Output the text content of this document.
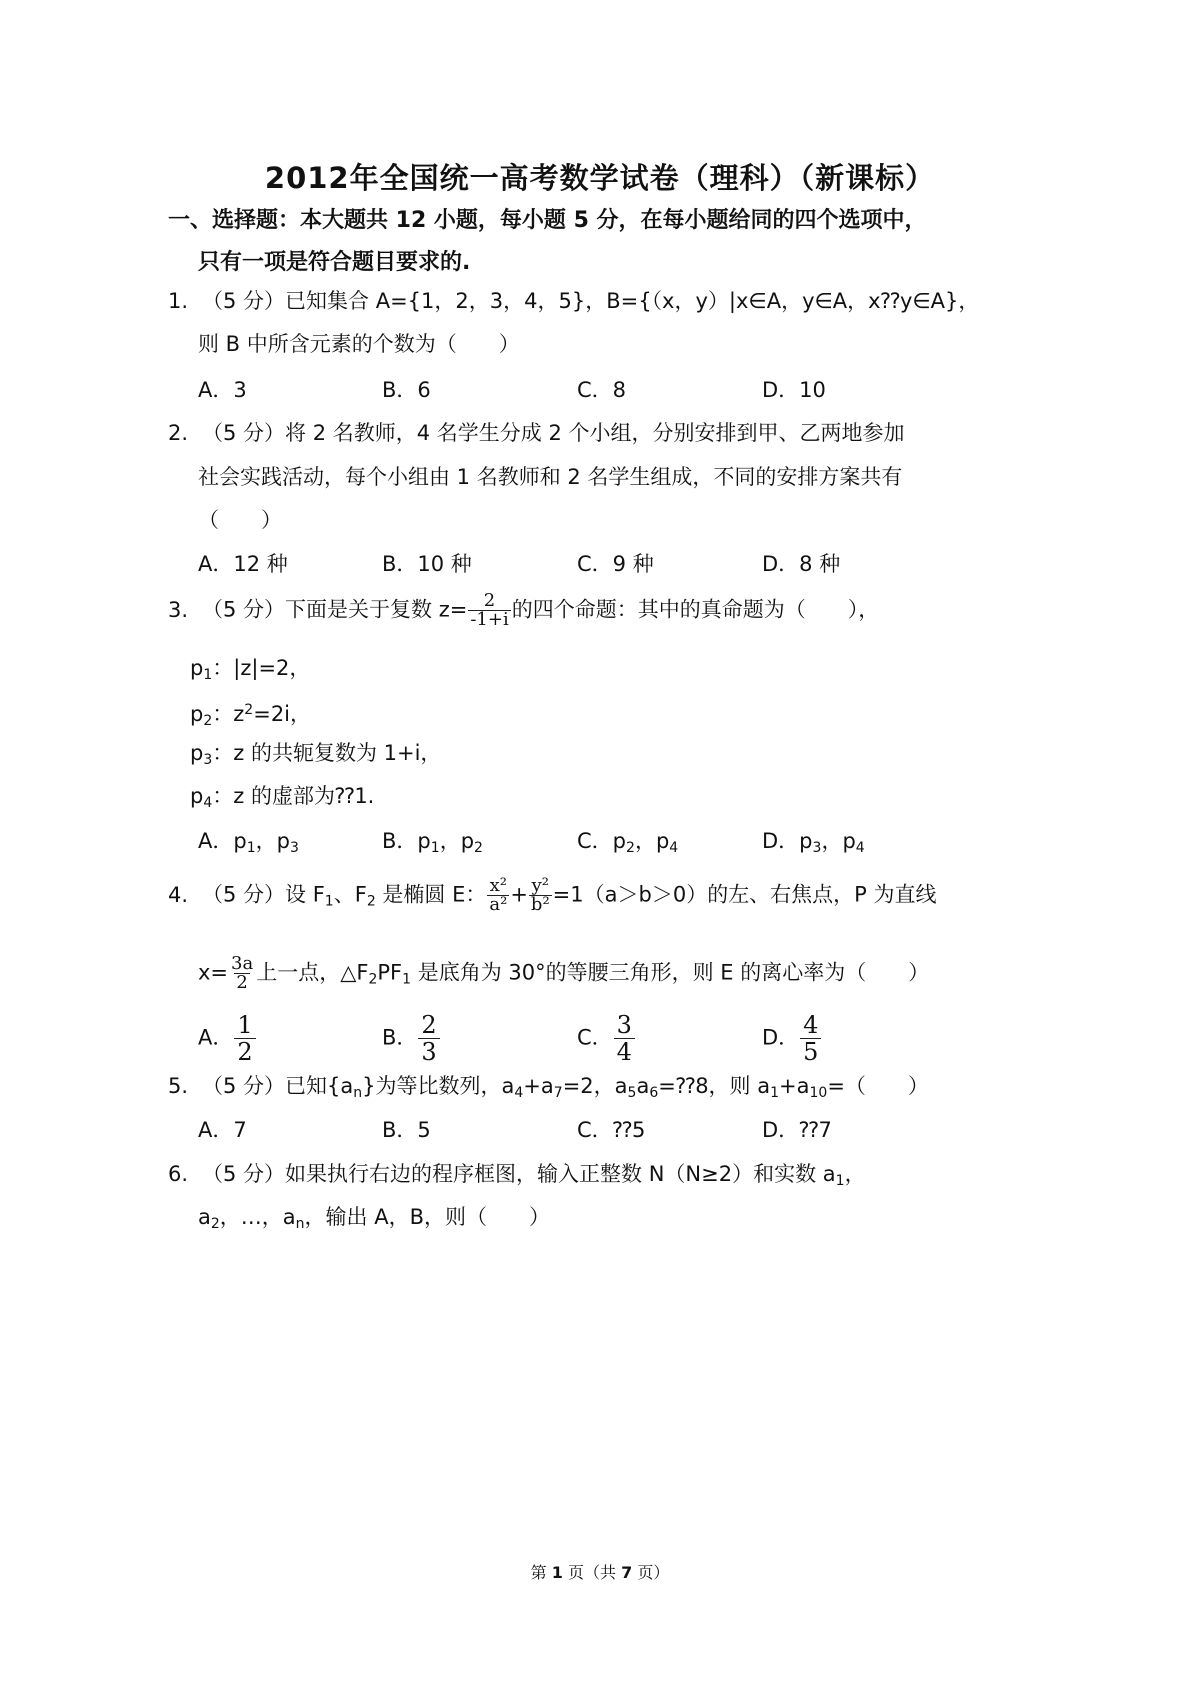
2012年全国统一高考数学试卷（理科）（新课标）
一、选择题：本大题共 12 小题，每小题 5 分，在每小题给同的四个选项中，
只有一项是符合题目要求的.
1. （5 分）已知集合 A={1，2，3，4，5}，B={（x，y）|x∈A，y∈A，x⁇y∈A}，
则 B 中所含元素的个数为（　　）
A．3	B．6	C．8	D．10
2. （5 分）将 2 名教师，4 名学生分成 2 个小组，分别安排到甲、乙两地参加
社会实践活动，每个小组由 1 名教师和 2 名学生组成，不同的安排方案共有
（　　）
A．12 种	B．10 种	C．9 种	D．8 种
3. （5 分）下面是关于复数 $z= \frac{2}{-1+i}$ 的四个命题：其中的真命题为（　　），
$p_1$：|z|=2，
$p_2$：$z^2=2i$，
$p_3$：z 的共轭复数为 1+i，
$p_4$：z 的虚部为⁇1.
A．$p_1$，$p_3$	B．$p_1$，$p_2$	C．$p_2$，$p_4$	D．$p_3$，$p_4$
4. （5 分）设 $F_1$、$F_2$ 是椭圆 E： $\frac{\text{x²}}{\text{a²}} + \frac{\text{y²}}{\text{b²}} =1(a>b>0)$的左、右焦点，P 为直线
$x= \frac{3a}{2}$ 上一点，$\triangle F_2PF_1$ 是底角为 30°的等腰三角形，则 E 的离心率为（　　）
A． $\frac{1}{2}$	B． $\frac{2}{3}$	C． $\frac{3}{4}$	D． $\frac{4}{5}$
5. （5 分）已知$\{a_n\}$为等比数列，$a_4+a_7=2$，$a_5a_6=⁇8$，则 $a_1+a_{10}=$（　　）
A．7	B．5	C．⁇5	D．⁇7
6. （5 分）如果执行右边的程序框图，输入正整数 N（N≥2）和实数 $a_1$，
$a_2$，…，$a_n$，输出 A，B，则（　　）
第 1 页（共 7 页）
